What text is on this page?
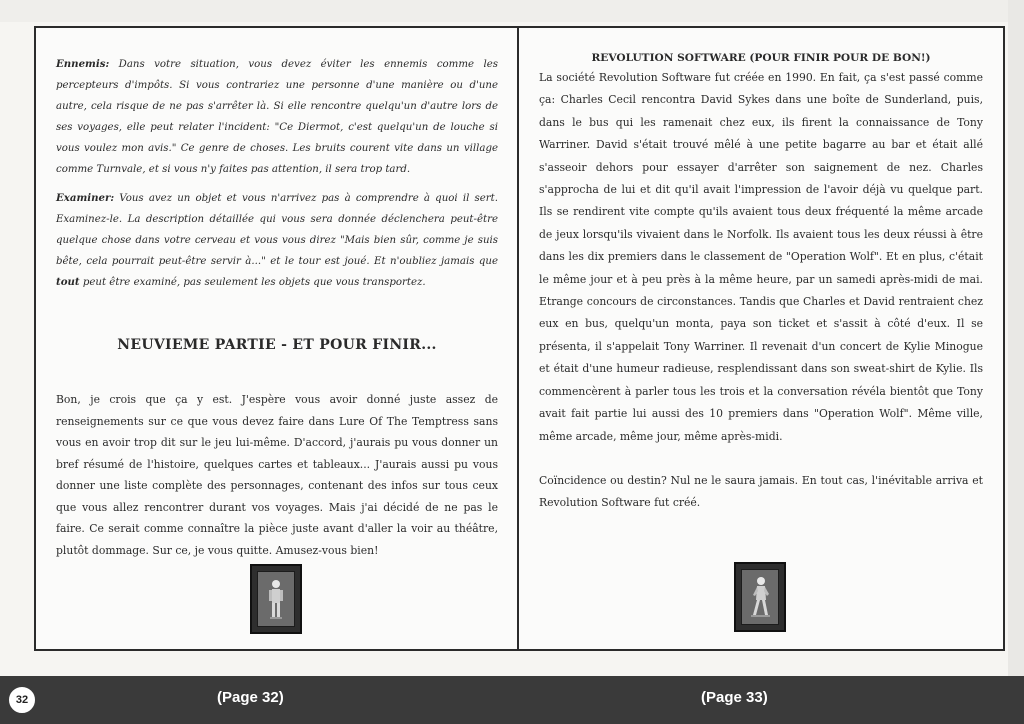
Ennemis: Dans votre situation, vous devez éviter les ennemis comme les percepteurs d'impôts. Si vous contrariez une personne d'une manière ou d'une autre, cela risque de ne pas s'arrêter là. Si elle rencontre quelqu'un d'autre lors de ses voyages, elle peut relater l'incident: "Ce Diermot, c'est quelqu'un de louche si vous voulez mon avis." Ce genre de choses. Les bruits courent vite dans un village comme Turnvale, et si vous n'y faites pas attention, il sera trop tard.

Examiner: Vous avez un objet et vous n'arrivez pas à comprendre à quoi il sert. Examinez-le. La description détaillée qui vous sera donnée déclenchera peut-être quelque chose dans votre cerveau et vous vous direz "Mais bien sûr, comme je suis bête, cela pourrait peut-être servir à..." et le tour est joué. Et n'oubliez jamais que tout peut être examiné, pas seulement les objets que vous transportez.

NEUVIEME PARTIE - ET POUR FINIR...

Bon, je crois que ça y est. J'espère vous avoir donné juste assez de renseignements sur ce que vous devez faire dans Lure Of The Temptress sans vous en avoir trop dit sur le jeu lui-même. D'accord, j'aurais pu vous donner un bref résumé de l'histoire, quelques cartes et tableaux... J'aurais aussi pu vous donner une liste complète des personnages, contenant des infos sur tous ceux que vous allez rencontrer durant vos voyages. Mais j'ai décidé de ne pas le faire. Ce serait comme connaître la pièce juste avant d'aller la voir au théâtre, plutôt dommage. Sur ce, je vous quitte. Amusez-vous bien!

REVOLUTION SOFTWARE (POUR FINIR POUR DE BON!)

La société Revolution Software fut créée en 1990. En fait, ça s'est passé comme ça: Charles Cecil rencontra David Sykes dans une boîte de Sunderland, puis, dans le bus qui les ramenait chez eux, ils firent la connaissance de Tony Warriner. David s'était trouvé mêlé à une petite bagarre au bar et était allé s'asseoir dehors pour essayer d'arrêter son saignement de nez. Charles s'approcha de lui et dit qu'il avait l'impression de l'avoir déjà vu quelque part. Ils se rendirent vite compte qu'ils avaient tous deux fréquenté la même arcade de jeux lorsqu'ils vivaient dans le Norfolk. Ils avaient tous les deux réussi à être dans les dix premiers dans le classement de "Operation Wolf". Et en plus, c'était le même jour et à peu près à la même heure, par un samedi après-midi de mai. Etrange concours de circonstances. Tandis que Charles et David rentraient chez eux en bus, quelqu'un monta, paya son ticket et s'assit à côté d'eux. Il se présenta, il s'appelait Tony Warriner. Il revenait d'un concert de Kylie Minogue et était d'une humeur radieuse, resplendissant dans son sweat-shirt de Kylie. Ils commencèrent à parler tous les trois et la conversation révéla bientôt que Tony avait fait partie lui aussi des 10 premiers dans "Operation Wolf". Même ville, même arcade, même jour, même après-midi.

Coïncidence ou destin? Nul ne le saura jamais. En tout cas, l'inévitable arriva et Revolution Software fut créé.

32	(Page 32)	(Page 33)
